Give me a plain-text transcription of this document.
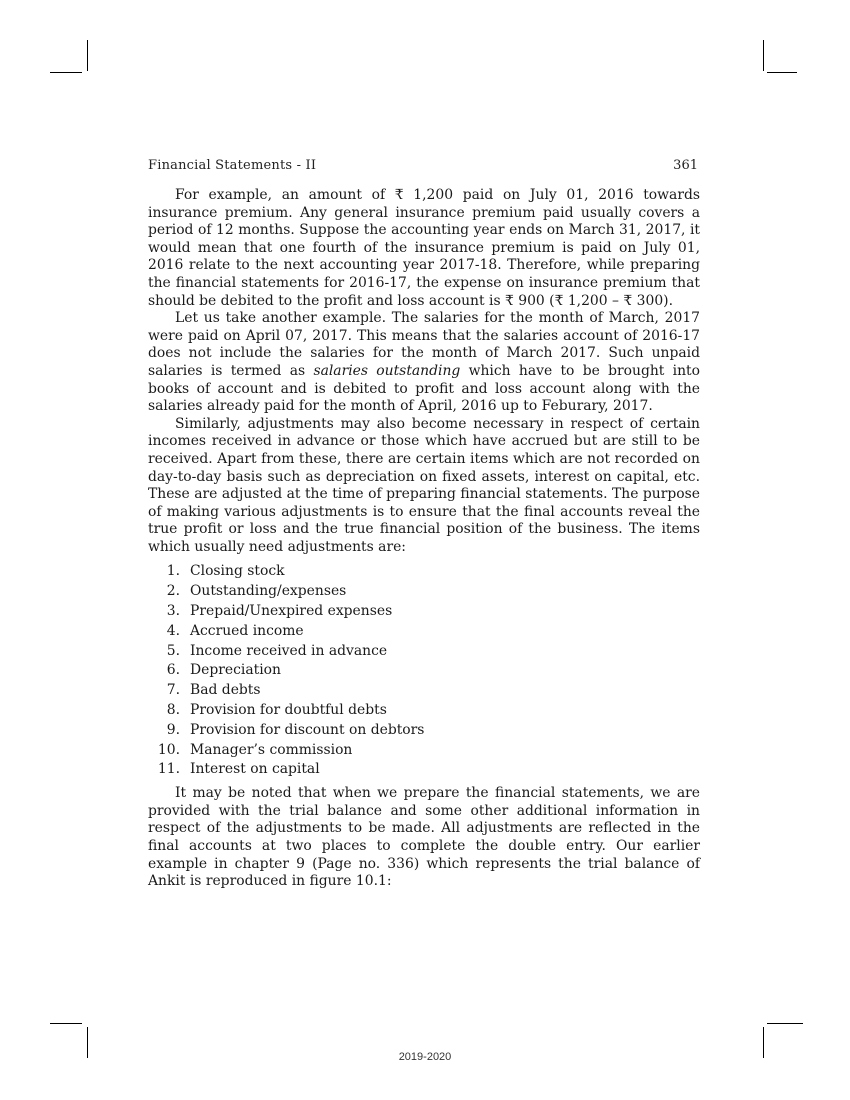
Financial Statements - II	361

For example, an amount of ₹ 1,200 paid on July 01, 2016 towards insurance premium. Any general insurance premium paid usually covers a period of 12 months. Suppose the accounting year ends on March 31, 2017, it would mean that one fourth of the insurance premium is paid on July 01, 2016 relate to the next accounting year 2017-18. Therefore, while preparing the financial statements for 2016-17, the expense on insurance premium that should be debited to the profit and loss account is ₹ 900 (₹ 1,200 – ₹ 300).

Let us take another example. The salaries for the month of March, 2017 were paid on April 07, 2017. This means that the salaries account of 2016-17 does not include the salaries for the month of March 2017. Such unpaid salaries is termed as salaries outstanding which have to be brought into books of account and is debited to profit and loss account along with the salaries already paid for the month of April, 2016 up to Feburary, 2017.

Similarly, adjustments may also become necessary in respect of certain incomes received in advance or those which have accrued but are still to be received. Apart from these, there are certain items which are not recorded on day-to-day basis such as depreciation on fixed assets, interest on capital, etc. These are adjusted at the time of preparing financial statements. The purpose of making various adjustments is to ensure that the final accounts reveal the true profit or loss and the true financial position of the business. The items which usually need adjustments are:

1. Closing stock
2. Outstanding/expenses
3. Prepaid/Unexpired expenses
4. Accrued income
5. Income received in advance
6. Depreciation
7. Bad debts
8. Provision for doubtful debts
9. Provision for discount on debtors
10. Manager’s commission
11. Interest on capital

It may be noted that when we prepare the financial statements, we are provided with the trial balance and some other additional information in respect of the adjustments to be made. All adjustments are reflected in the final accounts at two places to complete the double entry. Our earlier example in chapter 9 (Page no. 336) which represents the trial balance of Ankit is reproduced in figure 10.1:

2019-2020
